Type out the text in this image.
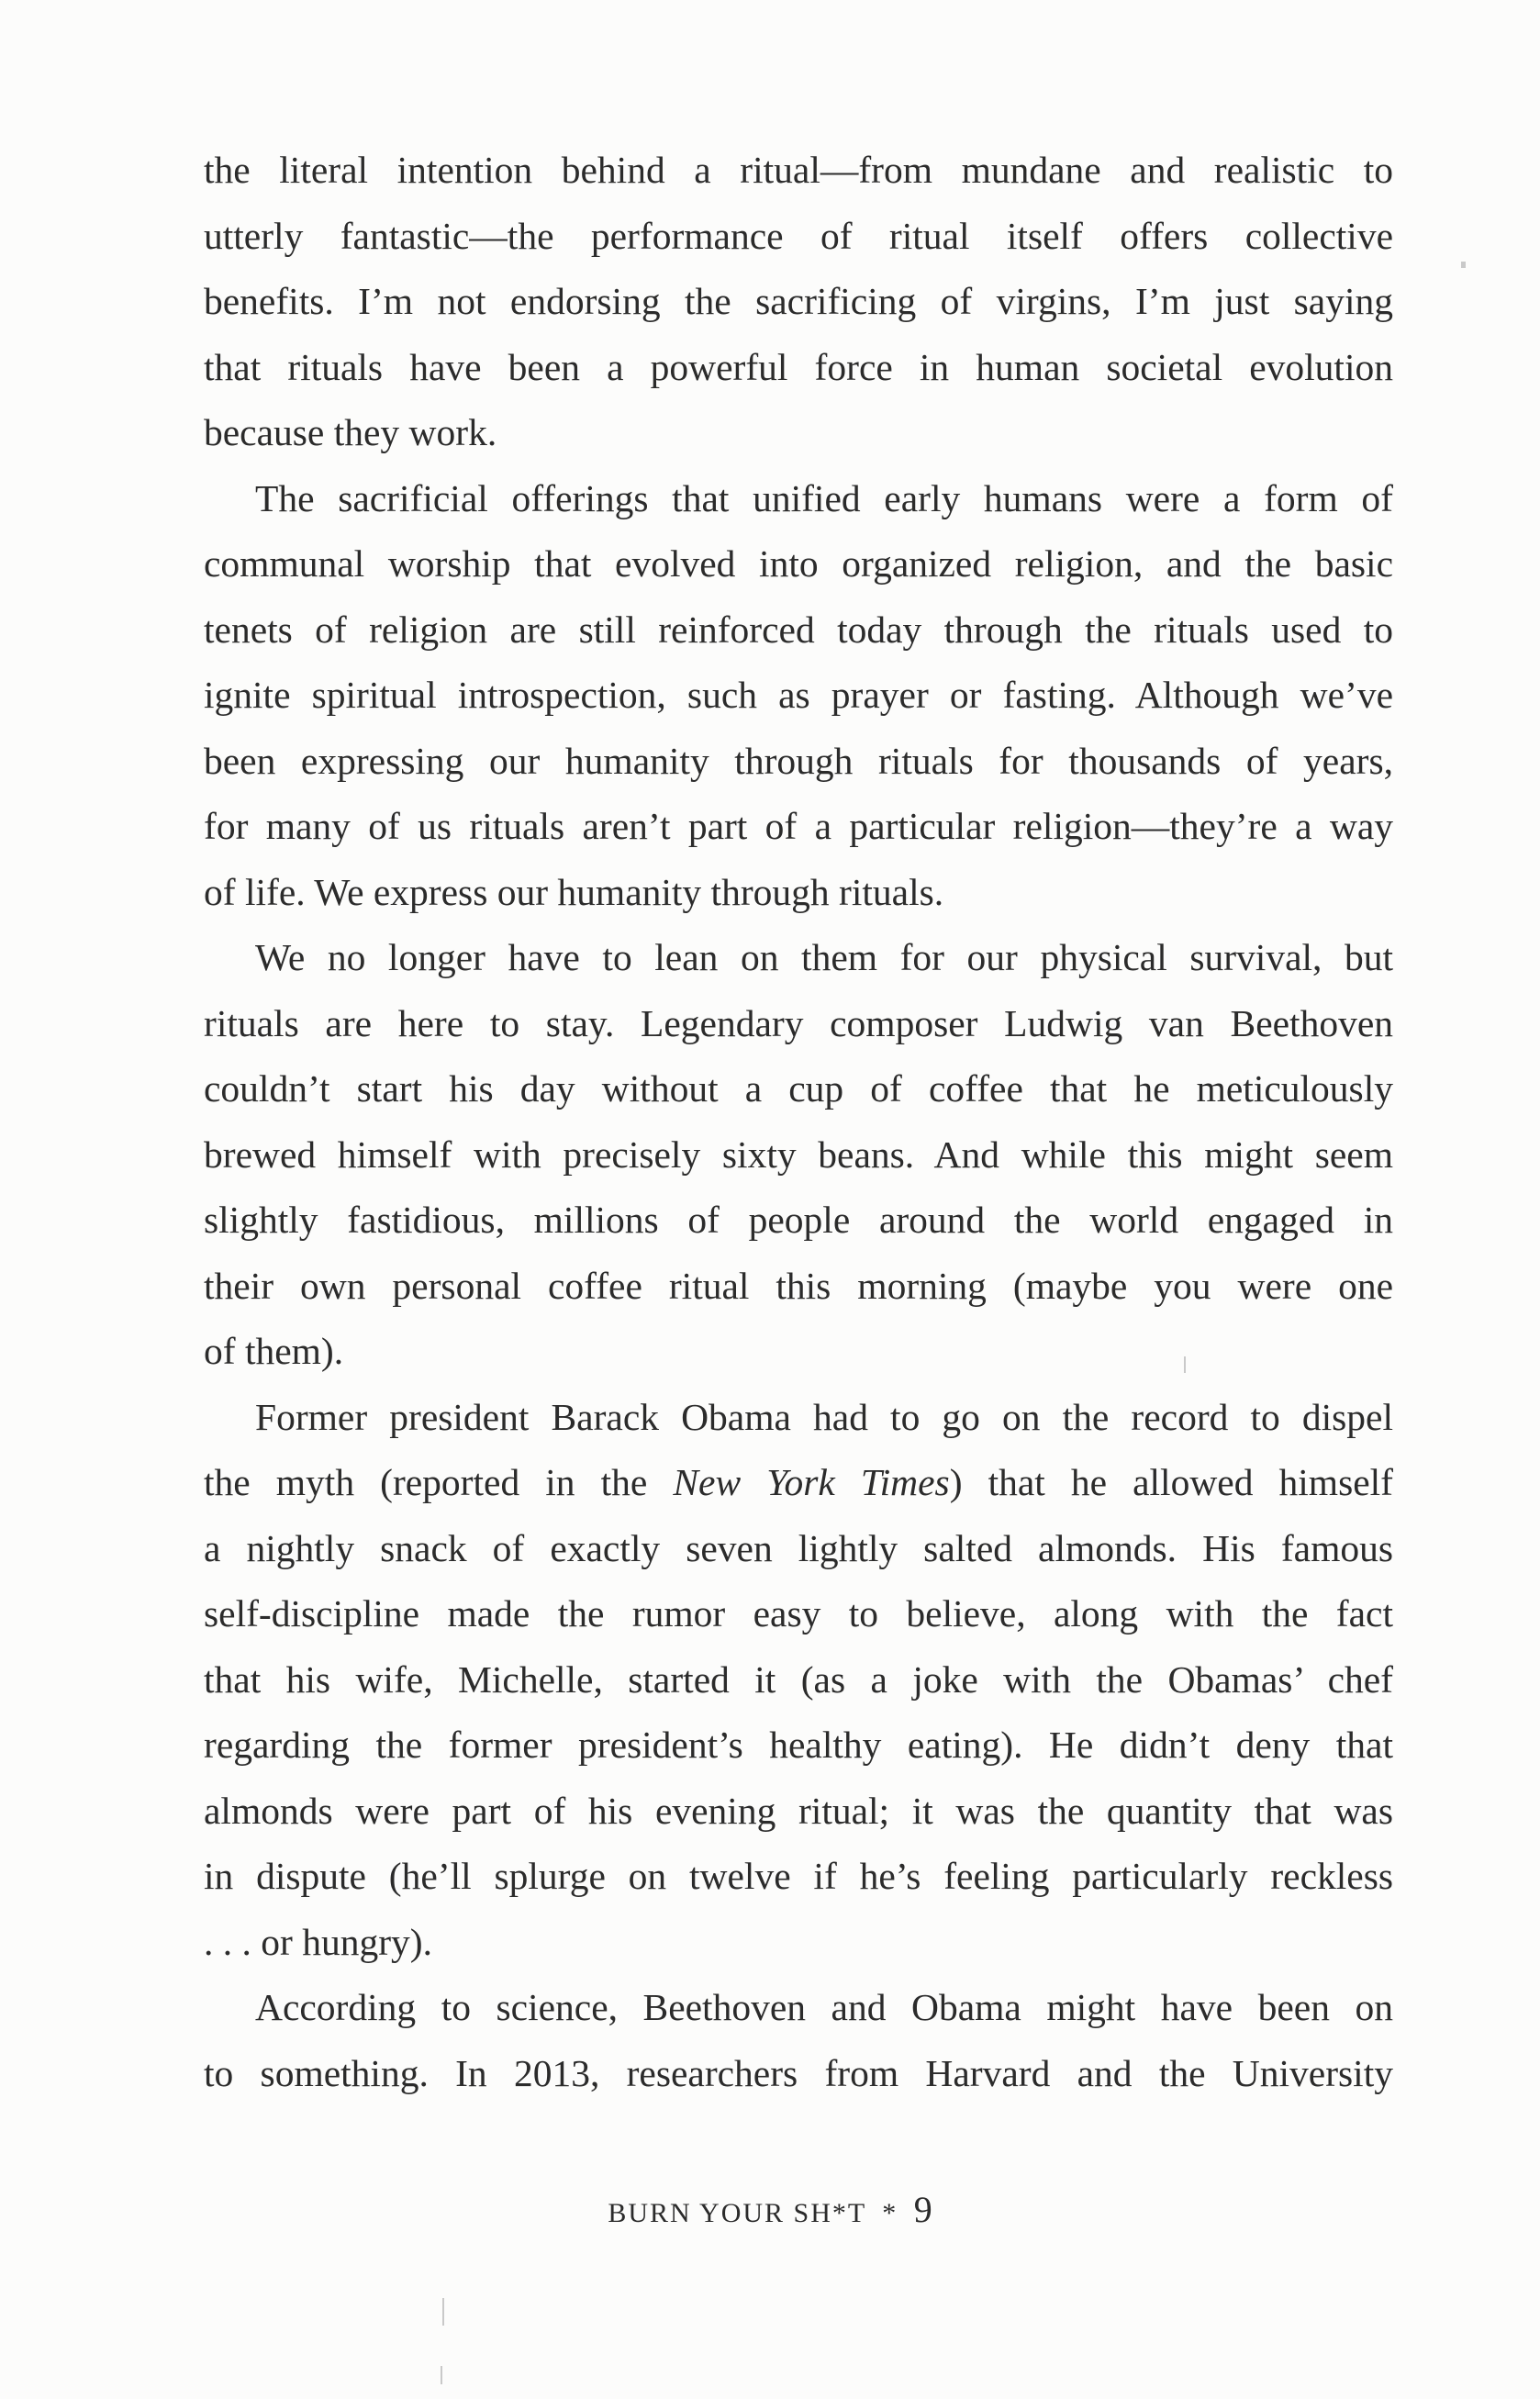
the literal intention behind a ritual—from mundane and realistic to
utterly fantastic—the performance of ritual itself offers collective
benefits. I’m not endorsing the sacrificing of virgins, I’m just saying
that rituals have been a powerful force in human societal evolution
because they work.

The sacrificial offerings that unified early humans were a form of
communal worship that evolved into organized religion, and the basic
tenets of religion are still reinforced today through the rituals used to
ignite spiritual introspection, such as prayer or fasting. Although we’ve
been expressing our humanity through rituals for thousands of years,
for many of us rituals aren’t part of a particular religion—they’re a way
of life. We express our humanity through rituals.

We no longer have to lean on them for our physical survival, but
rituals are here to stay. Legendary composer Ludwig van Beethoven
couldn’t start his day without a cup of coffee that he meticulously
brewed himself with precisely sixty beans. And while this might seem
slightly fastidious, millions of people around the world engaged in
their own personal coffee ritual this morning (maybe you were one
of them).

Former president Barack Obama had to go on the record to dispel
the myth (reported in the New York Times) that he allowed himself
a nightly snack of exactly seven lightly salted almonds. His famous
self-discipline made the rumor easy to believe, along with the fact
that his wife, Michelle, started it (as a joke with the Obamas’ chef
regarding the former president’s healthy eating). He didn’t deny that
almonds were part of his evening ritual; it was the quantity that was
in dispute (he’ll splurge on twelve if he’s feeling particularly reckless
. . . or hungry).

According to science, Beethoven and Obama might have been on
to something. In 2013, researchers from Harvard and the University

BURN YOUR SH*T * 9
